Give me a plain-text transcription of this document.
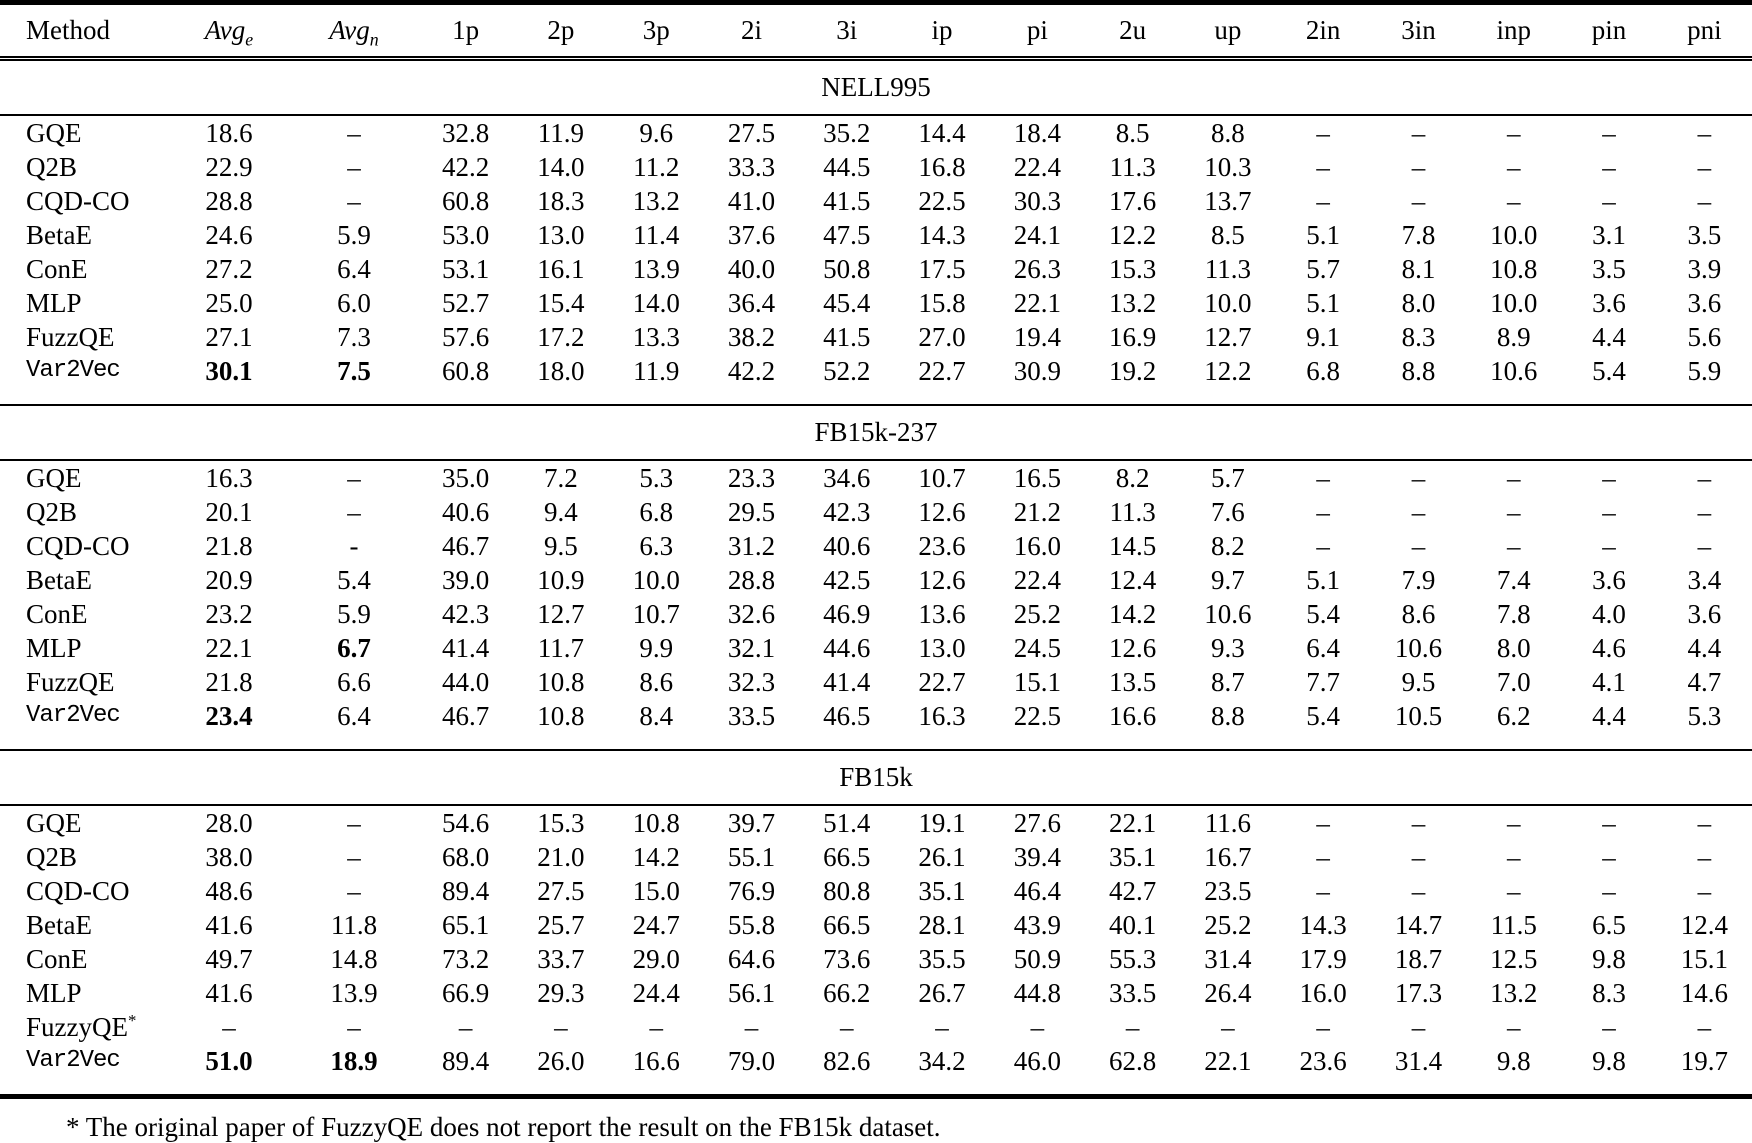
Method	Avg$_e$	Avg$_n$	1p	2p	3p	2i	3i	ip	pi	2u	up	2in	3in	inp	pin	pni
NELL995																
GQE	18.6	–	32.8	11.9	9.6	27.5	35.2	14.4	18.4	8.5	8.8	–	–	–	–	–
Q2B	22.9	–	42.2	14.0	11.2	33.3	44.5	16.8	22.4	11.3	10.3	–	–	–	–	–
CQD-CO	28.8	–	60.8	18.3	13.2	41.0	41.5	22.5	30.3	17.6	13.7	–	–	–	–	–
BetaE	24.6	5.9	53.0	13.0	11.4	37.6	47.5	14.3	24.1	12.2	8.5	5.1	7.8	10.0	3.1	3.5
ConE	27.2	6.4	53.1	16.1	13.9	40.0	50.8	17.5	26.3	15.3	11.3	5.7	8.1	10.8	3.5	3.9
MLP	25.0	6.0	52.7	15.4	14.0	36.4	45.4	15.8	22.1	13.2	10.0	5.1	8.0	10.0	3.6	3.6
FuzzQE	27.1	7.3	57.6	17.2	13.3	38.2	41.5	27.0	19.4	16.9	12.7	9.1	8.3	8.9	4.4	5.6
Var2Vec	30.1	7.5	60.8	18.0	11.9	42.2	52.2	22.7	30.9	19.2	12.2	6.8	8.8	10.6	5.4	5.9
FB15k-237																
GQE	16.3	–	35.0	7.2	5.3	23.3	34.6	10.7	16.5	8.2	5.7	–	–	–	–	–
Q2B	20.1	–	40.6	9.4	6.8	29.5	42.3	12.6	21.2	11.3	7.6	–	–	–	–	–
CQD-CO	21.8	-	46.7	9.5	6.3	31.2	40.6	23.6	16.0	14.5	8.2	–	–	–	–	–
BetaE	20.9	5.4	39.0	10.9	10.0	28.8	42.5	12.6	22.4	12.4	9.7	5.1	7.9	7.4	3.6	3.4
ConE	23.2	5.9	42.3	12.7	10.7	32.6	46.9	13.6	25.2	14.2	10.6	5.4	8.6	7.8	4.0	3.6
MLP	22.1	6.7	41.4	11.7	9.9	32.1	44.6	13.0	24.5	12.6	9.3	6.4	10.6	8.0	4.6	4.4
FuzzQE	21.8	6.6	44.0	10.8	8.6	32.3	41.4	22.7	15.1	13.5	8.7	7.7	9.5	7.0	4.1	4.7
Var2Vec	23.4	6.4	46.7	10.8	8.4	33.5	46.5	16.3	22.5	16.6	8.8	5.4	10.5	6.2	4.4	5.3
FB15k																
GQE	28.0	–	54.6	15.3	10.8	39.7	51.4	19.1	27.6	22.1	11.6	–	–	–	–	–
Q2B	38.0	–	68.0	21.0	14.2	55.1	66.5	26.1	39.4	35.1	16.7	–	–	–	–	–
CQD-CO	48.6	–	89.4	27.5	15.0	76.9	80.8	35.1	46.4	42.7	23.5	–	–	–	–	–
BetaE	41.6	11.8	65.1	25.7	24.7	55.8	66.5	28.1	43.9	40.1	25.2	14.3	14.7	11.5	6.5	12.4
ConE	49.7	14.8	73.2	33.7	29.0	64.6	73.6	35.5	50.9	55.3	31.4	17.9	18.7	12.5	9.8	15.1
MLP	41.6	13.9	66.9	29.3	24.4	56.1	66.2	26.7	44.8	33.5	26.4	16.0	17.3	13.2	8.3	14.6
FuzzyQE*	–	–	–	–	–	–	–	–	–	–	–	–	–	–	–	–
Var2Vec	51.0	18.9	89.4	26.0	16.6	79.0	82.6	34.2	46.0	62.8	22.1	23.6	31.4	9.8	9.8	19.7
* The original paper of FuzzyQE does not report the result on the FB15k dataset.
